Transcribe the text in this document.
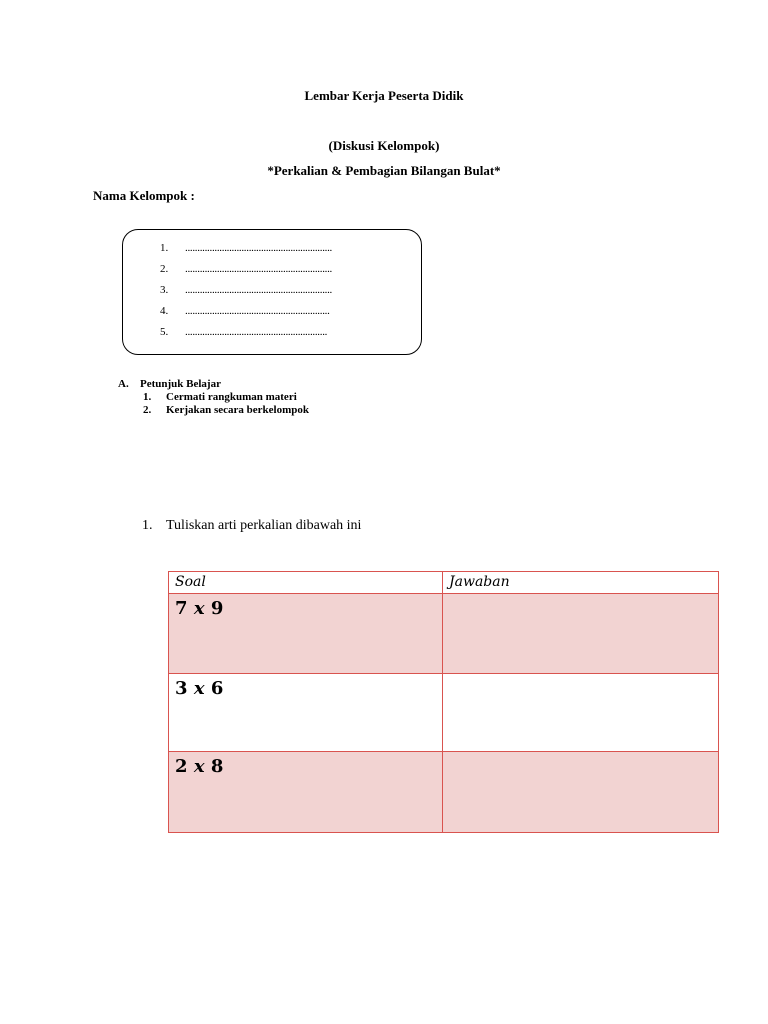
Lembar Kerja Peserta Didik
(Diskusi Kelompok)
*Perkalian & Pembagian Bilangan Bulat*
Nama Kelompok :
1.	............................................................
2.	............................................................
3.	............................................................
4.	...........................................................
5.	..........................................................
A.	Petunjuk Belajar
1.	Cermati rangkuman materi
2.	Kerjakan secara berkelompok
1. Tuliskan arti perkalian dibawah ini
Soal	Jawaban
7 x 9	
3 x 6	
2 x 8	
